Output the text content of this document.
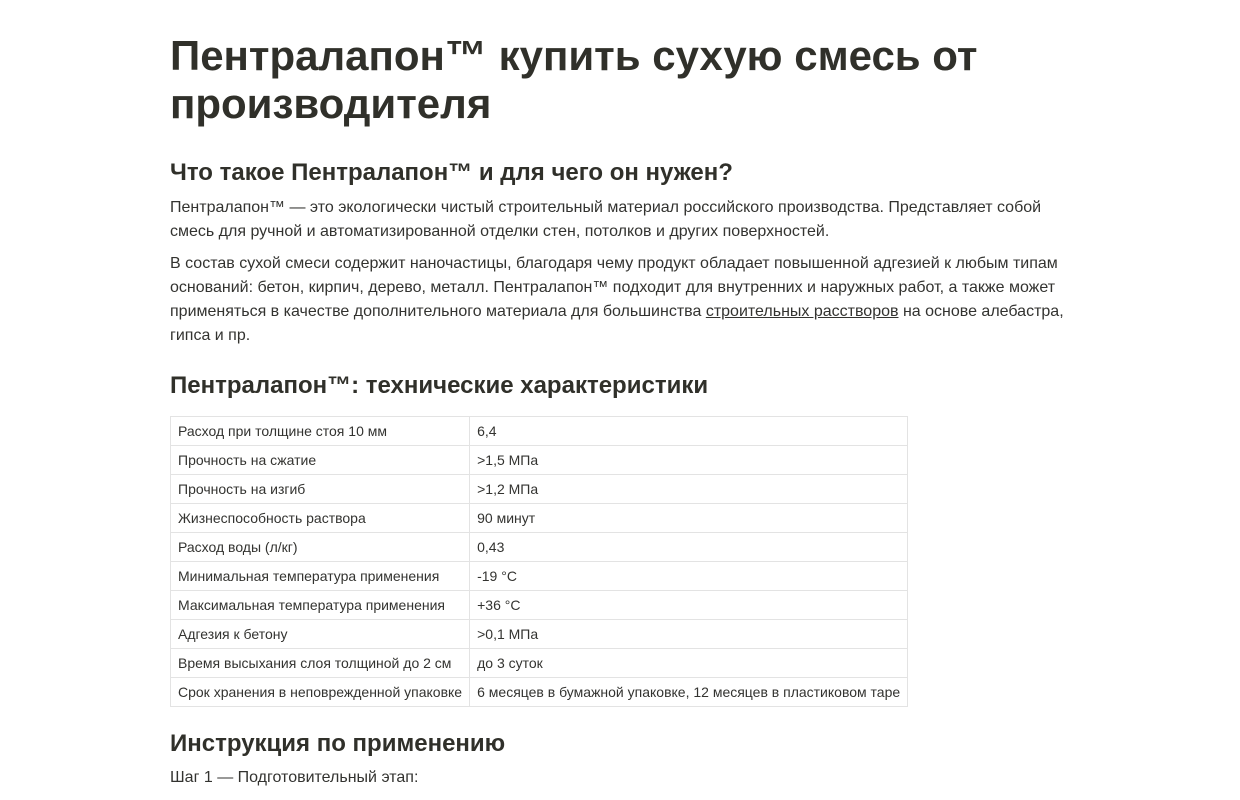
Пентралапон™ купить сухую смесь от производителя
Что такое Пентралапон™ и для чего он нужен?

Пентралапон™ — это экологически чистый строительный материал российского производства. Представляет собой смесь для ручной и автоматизированной отделки стен, потолков и других поверхностей.

В состав сухой смеси содержит наночастицы, благодаря чему продукт обладает повышенной адгезией к любым типам оснований: бетон, кирпич, дерево, металл. Пентралапон™ подходит для внутренних и наружных работ, а также может применяться в качестве дополнительного материала для большинства строительных расстворов на основе алебастра, гипса и пр.

Пентралапон™: технические характеристики
Расход при толщине стоя 10 мм	6,4
Прочность на сжатие	>1,5 МПа
Прочность на изгиб	>1,2 МПа
Жизнеспособность раствора	90 минут
Расход воды (л/кг)	0,43
Минимальная температура применения	-19 °С
Максимальная температура применения	+36 °С
Адгезия к бетону	>0,1 МПа
Время высыхания слоя толщиной до 2 см	до 3 суток
Срок хранения в неповрежденной упаковке	6 месяцев в бумажной упаковке, 12 месяцев в пластиковом таре
Инструкция по применению

Шаг 1 — Подготовительный этап:
